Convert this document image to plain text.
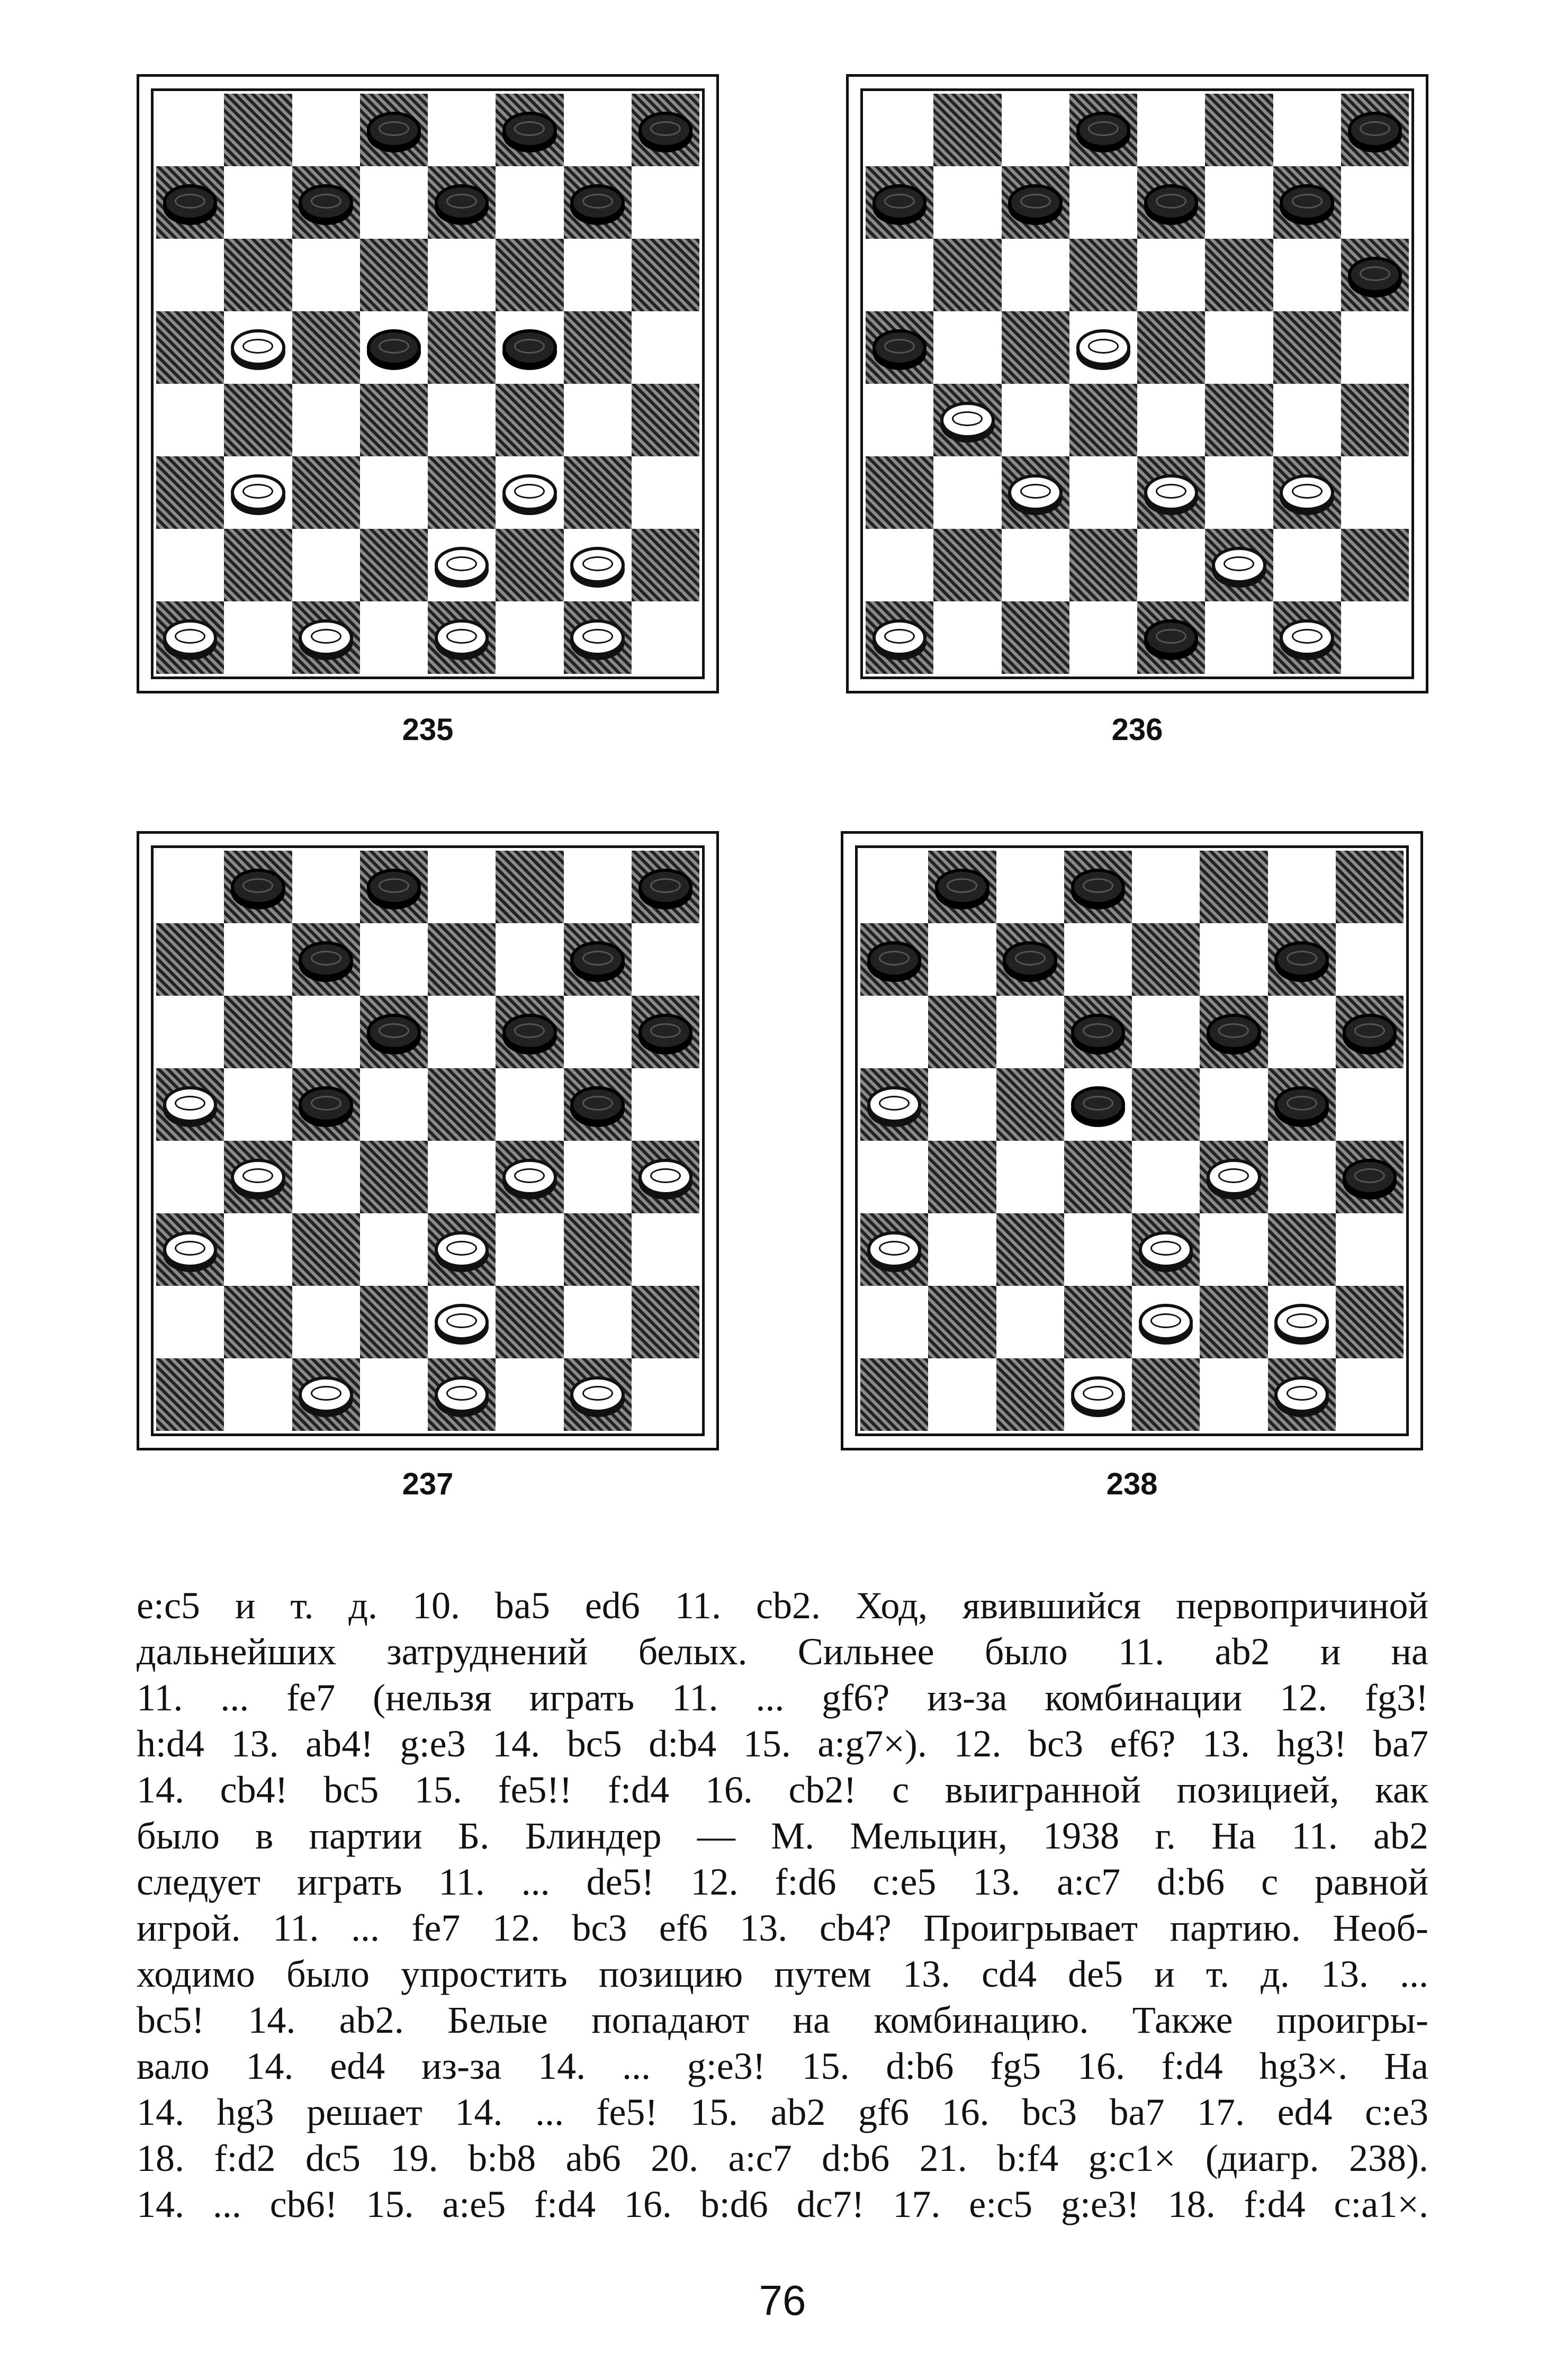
235	236
237	238
e:c5 и т. д. 10. ba5 ed6 11. cb2. Ход, явившийся первопричиной
дальнейших затруднений белых. Сильнее было 11. ab2 и на
11. ... fe7 (нельзя играть 11. ... gf6? из-за комбинации 12. fg3!
h:d4 13. ab4! g:e3 14. bc5 d:b4 15. a:g7×). 12. bc3 ef6? 13. hg3! ba7
14. cb4! bc5 15. fe5!! f:d4 16. cb2! с выигранной позицией, как
было в партии Б. Блиндер — М. Мельцин, 1938 г. На 11. ab2
следует играть 11. ... de5! 12. f:d6 c:e5 13. a:c7 d:b6 с равной
игрой. 11. ... fe7 12. bc3 ef6 13. cb4? Проигрывает партию. Необ-
ходимо было упростить позицию путем 13. cd4 de5 и т. д. 13. ...
bc5! 14. ab2. Белые попадают на комбинацию. Также проигры-
вало 14. ed4 из-за 14. ... g:e3! 15. d:b6 fg5 16. f:d4 hg3×. На
14. hg3 решает 14. ... fe5! 15. ab2 gf6 16. bc3 ba7 17. ed4 c:e3
18. f:d2 dc5 19. b:b8 ab6 20. a:c7 d:b6 21. b:f4 g:c1× (диагр. 238).
14. ... cb6! 15. a:e5 f:d4 16. b:d6 dc7! 17. e:c5 g:e3! 18. f:d4 c:a1×.
76
